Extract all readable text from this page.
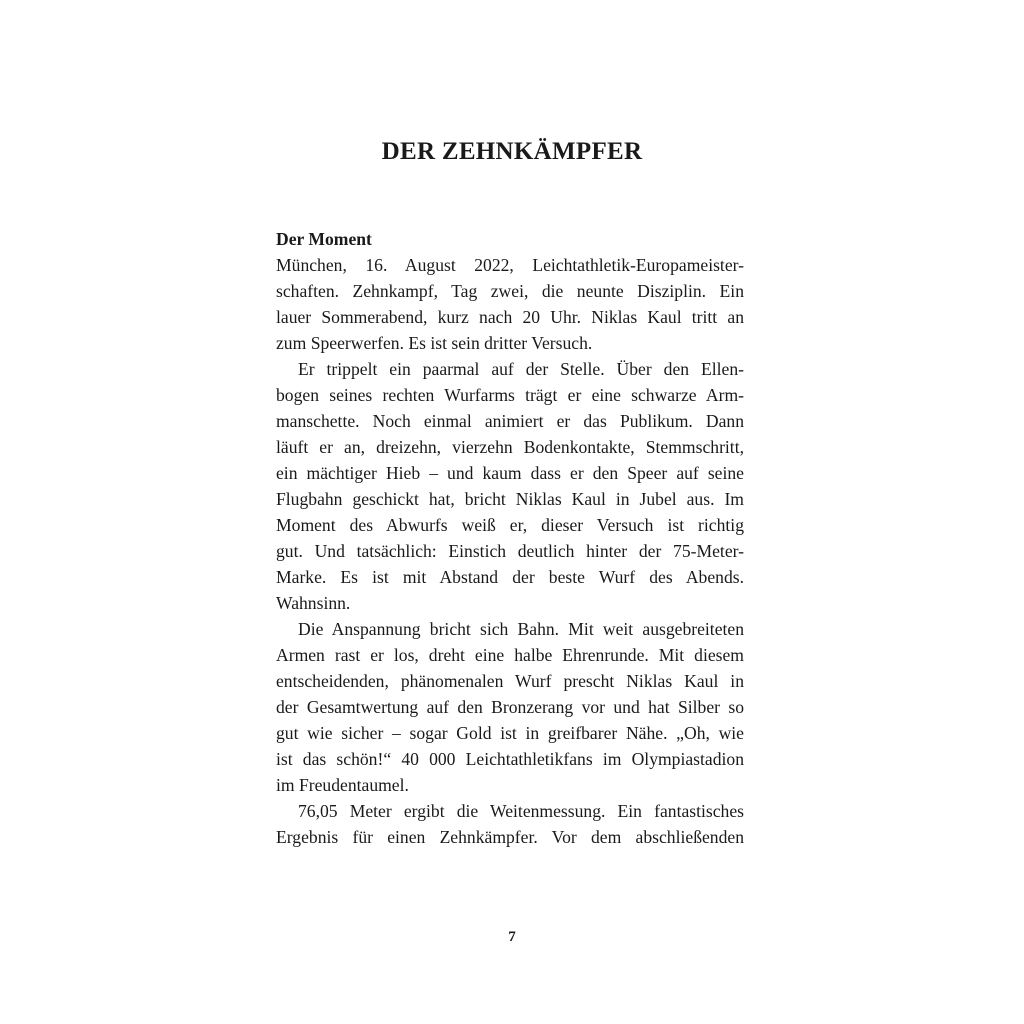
DER ZEHNKÄMPFER
Der Moment
München, 16. August 2022, Leichtathletik-Europameister-
schaften. Zehnkampf, Tag zwei, die neunte Disziplin. Ein
lauer Sommerabend, kurz nach 20 Uhr. Niklas Kaul tritt an
zum Speerwerfen. Es ist sein dritter Versuch.
Er trippelt ein paarmal auf der Stelle. Über den Ellen-
bogen seines rechten Wurfarms trägt er eine schwarze Arm-
manschette. Noch einmal animiert er das Publikum. Dann
läuft er an, dreizehn, vierzehn Bodenkontakte, Stemmschritt,
ein mächtiger Hieb – und kaum dass er den Speer auf seine
Flugbahn geschickt hat, bricht Niklas Kaul in Jubel aus. Im
Moment des Abwurfs weiß er, dieser Versuch ist richtig
gut. Und tatsächlich: Einstich deutlich hinter der 75-Meter-
Marke. Es ist mit Abstand der beste Wurf des Abends.
Wahnsinn.
Die Anspannung bricht sich Bahn. Mit weit ausgebreiteten
Armen rast er los, dreht eine halbe Ehrenrunde. Mit diesem
entscheidenden, phänomenalen Wurf prescht Niklas Kaul in
der Gesamtwertung auf den Bronzerang vor und hat Silber so
gut wie sicher – sogar Gold ist in greifbarer Nähe. „Oh, wie
ist das schön!“ 40 000 Leichtathletikfans im Olympiastadion
im Freudentaumel.
76,05 Meter ergibt die Weitenmessung. Ein fantastisches
Ergebnis für einen Zehnkämpfer. Vor dem abschließenden
7
